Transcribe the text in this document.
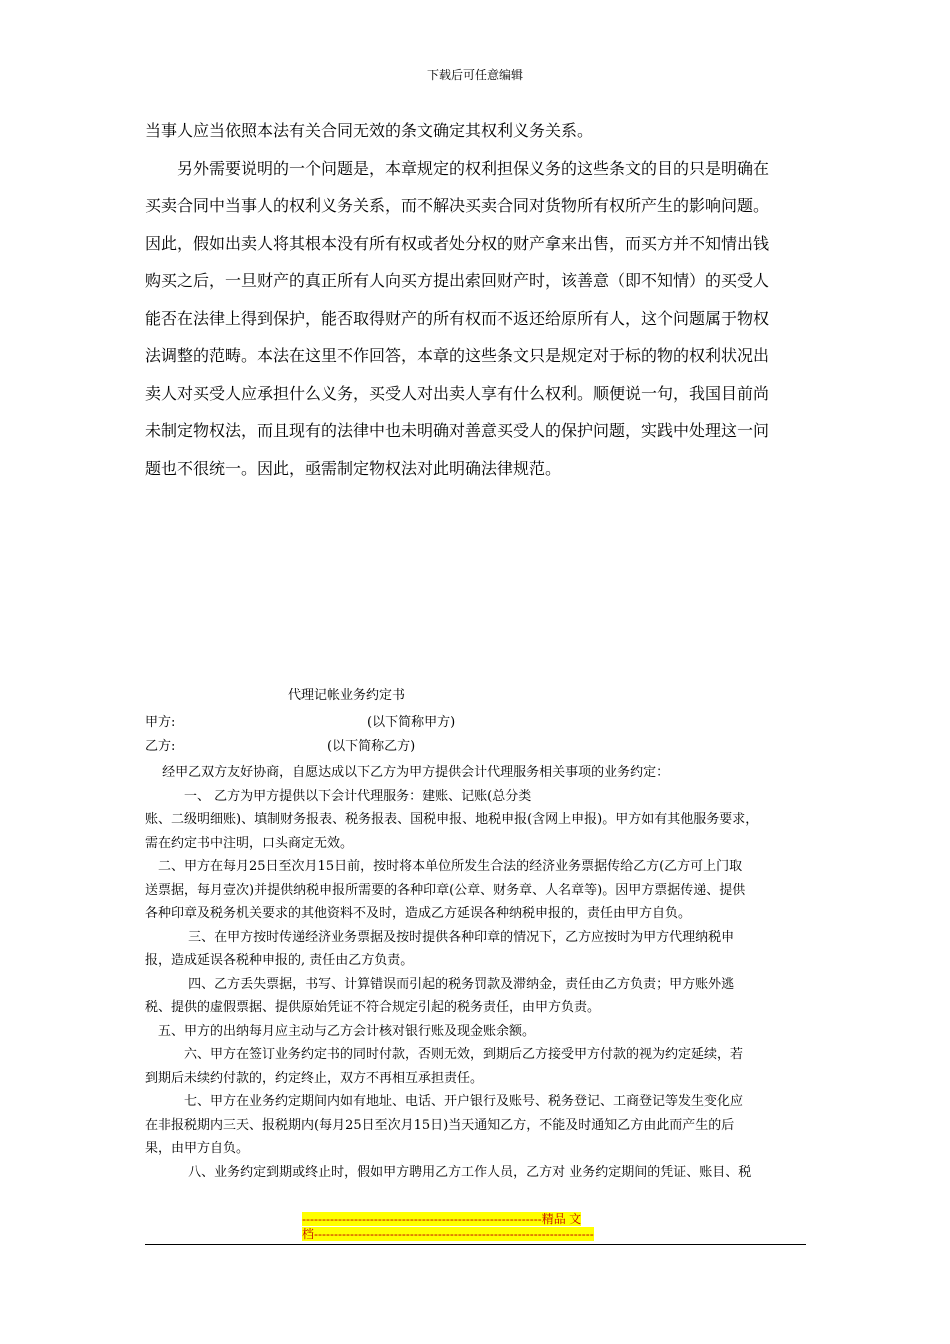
下载后可任意编辑
当事人应当依照本法有关合同无效的条文确定其权利义务关系。
　　另外需要说明的一个问题是，本章规定的权利担保义务的这些条文的目的只是明确在
买卖合同中当事人的权利义务关系，而不解决买卖合同对货物所有权所产生的影响问题。
因此，假如出卖人将其根本没有所有权或者处分权的财产拿来出售，而买方并不知情出钱
购买之后，一旦财产的真正所有人向买方提出索回财产时，该善意（即不知情）的买受人
能否在法律上得到保护，能否取得财产的所有权而不返还给原所有人，这个问题属于物权
法调整的范畴。本法在这里不作回答，本章的这些条文只是规定对于标的物的权利状况出
卖人对买受人应承担什么义务，买受人对出卖人享有什么权利。顺便说一句，我国目前尚
未制定物权法，而且现有的法律中也未明确对善意买受人的保护问题，实践中处理这一问
题也不很统一。因此，亟需制定物权法对此明确法律规范。
代理记帐业务约定书
甲方:	(以下简称甲方)
乙方:	(以下简称乙方)
　 经甲乙双方友好协商，自愿达成以下乙方为甲方提供会计代理服务相关事项的业务约定：
　　　一、 乙方为甲方提供以下会计代理服务：建账、记账(总分类
账、二级明细账)、填制财务报表、税务报表、国税申报、地税申报(含网上申报)。甲方如有其他服务要求，
需在约定书中注明，口头商定无效。
　二、甲方在每月25日至次月15日前，按时将本单位所发生合法的经济业务票据传给乙方(乙方可上门取
送票据，每月壹次)并提供纳税申报所需要的各种印章(公章、财务章、人名章等)。因甲方票据传递、提供
各种印章及税务机关要求的其他资料不及时，造成乙方延误各种纳税申报的，责任由甲方自负。
　　　 三、在甲方按时传递经济业务票据及按时提供各种印章的情况下，乙方应按时为甲方代理纳税申
报，造成延误各税种申报的, 责任由乙方负责。
　　　 四、乙方丢失票据，书写、计算错误而引起的税务罚款及滞纳金，责任由乙方负责；甲方账外逃
税、提供的虚假票据、提供原始凭证不符合规定引起的税务责任，由甲方负责。
　五、甲方的出纳每月应主动与乙方会计核对银行账及现金账余额。
　　　六、甲方在签订业务约定书的同时付款，否则无效，到期后乙方接受甲方付款的视为约定延续，若
到期后未续约付款的，约定终止，双方不再相互承担责任。
　　　七、甲方在业务约定期间内如有地址、电话、开户银行及账号、税务登记、工商登记等发生变化应
在非报税期内三天、报税期内(每月25日至次月15日)当天通知乙方，不能及时通知乙方由此而产生的后
果，由甲方自负。
　　　 八、业务约定到期或终止时，假如甲方聘用乙方工作人员，乙方对 业务约定期间的凭证、账目、税
------------------------------------------------------------精品 文
档----------------------------------------------------------------------
